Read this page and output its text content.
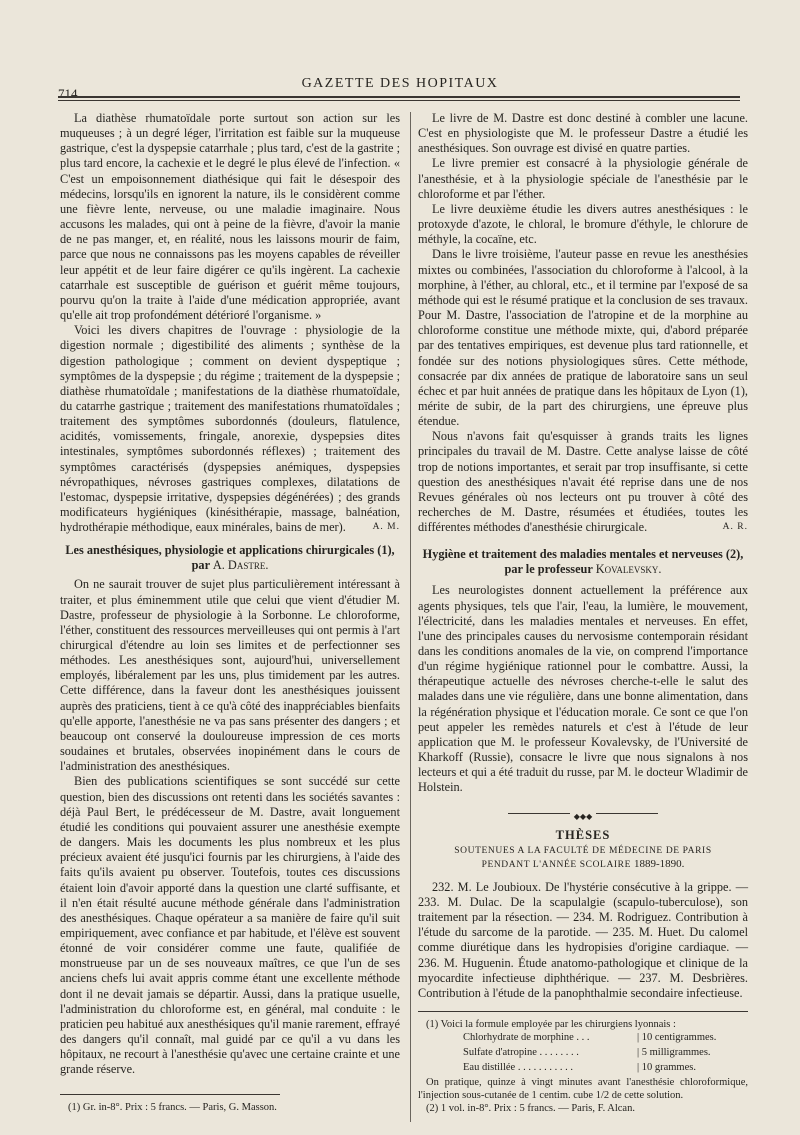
714
GAZETTE DES HOPITAUX

La diathèse rhumatoïdale porte surtout son action sur les muqueuses ; à un degré léger, l'irritation est faible sur la muqueuse gastrique, c'est la dyspepsie catarrhale ; plus tard, c'est de la gastrite ; plus tard encore, la cachexie et le degré le plus élevé de l'infection. « C'est un empoisonnement diathésique qui fait le désespoir des médecins, lorsqu'ils en ignorent la nature, ils le considèrent comme une fièvre lente, nerveuse, ou une maladie imaginaire. Nous accusons les malades, qui ont à peine de la fièvre, d'avoir la manie de ne pas manger, et, en réalité, nous les laissons mourir de faim, parce que nous ne connaissons pas les moyens capables de réveiller leur appétit et de leur faire digérer ce qu'ils ingèrent. La cachexie catarrhale est susceptible de guérison et guérit même toujours, pourvu qu'on la traite à l'aide d'une médication appropriée, avant qu'elle ait trop profondément détérioré l'organisme. »

Voici les divers chapitres de l'ouvrage : physiologie de la digestion normale ; digestibilité des aliments ; synthèse de la digestion pathologique ; comment on devient dyspeptique ; symptômes de la dyspepsie ; du régime ; traitement de la dyspepsie ; diathèse rhumatoïdale ; manifestations de la diathèse rhumatoïdale, du catarrhe gastrique ; traitement des manifestations rhumatoïdales ; traitement des symptômes subordonnés (douleurs, flatulence, acidités, vomissements, fringale, anorexie, dyspepsies dites intestinales, symptômes subordonnés réflexes) ; traitement des symptômes caractérisés (dyspepsies anémiques, dyspepsies névropathiques, névroses gastriques complexes, dilatations de l'estomac, dyspepsie irritative, dyspepsies dégénérées) ; des grands modificateurs hygiéniques (kinésithérapie, massage, balnéation, hydrothérapie méthodique, eaux minérales, bains de mer).	A. M.

Les anesthésiques, physiologie et applications chirurgicales (1), par A. Dastre.

On ne saurait trouver de sujet plus particulièrement intéressant à traiter, et plus éminemment utile que celui que vient d'étudier M. Dastre, professeur de physiologie à la Sorbonne. Le chloroforme, l'éther, constituent des ressources merveilleuses qui ont permis à l'art chirurgical d'étendre au loin ses limites et de perfectionner ses méthodes. Les anesthésiques sont, aujourd'hui, universellement employés, libéralement par les uns, plus timidement par les autres. Cette différence, dans la faveur dont les anesthésiques jouissent auprès des praticiens, tient à ce qu'à côté des inappréciables bienfaits qu'elle apporte, l'anesthésie ne va pas sans présenter des dangers ; et beaucoup ont conservé la douloureuse impression de ces morts soudaines et brutales, observées inopinément dans le cours de l'administration des anesthésiques.

Bien des publications scientifiques se sont succédé sur cette question, bien des discussions ont retenti dans les sociétés savantes : déjà Paul Bert, le prédécesseur de M. Dastre, avait longuement étudié les conditions qui pouvaient assurer une anesthésie exempte de dangers. Mais les documents les plus nombreux et les plus précieux avaient été jusqu'ici fournis par les chirurgiens, à l'aide des faits qu'ils avaient pu observer. Toutefois, toutes ces discussions étaient loin d'avoir apporté dans la question une clarté suffisante, et il n'en était résulté aucune méthode générale dans l'administration des anesthésiques. Chaque opérateur a sa manière de faire qu'il suit empiriquement, avec confiance et par habitude, et l'élève est souvent étonné de voir considérer comme une faute, qualifiée de monstrueuse par un de ses nouveaux maîtres, ce que l'un de ses anciens chefs lui avait appris comme étant une excellente méthode dont il ne devait jamais se départir. Aussi, dans la pratique usuelle, l'administration du chloroforme est, en général, mal conduite : le praticien peu habitué aux anesthésiques qu'il manie rarement, effrayé des dangers qu'il connaît, mal guidé par ce qu'il a vu dans les hôpitaux, ne recourt à l'anesthésie qu'avec une certaine crainte et une grande réserve.

(1) Gr. in-8°. Prix : 5 francs. — Paris, G. Masson.

Le livre de M. Dastre est donc destiné à combler une lacune. C'est en physiologiste que M. le professeur Dastre a étudié les anesthésiques. Son ouvrage est divisé en quatre parties.

Le livre premier est consacré à la physiologie générale de l'anesthésie, et à la physiologie spéciale de l'anesthésie par le chloroforme et par l'éther.

Le livre deuxième étudie les divers autres anesthésiques : le protoxyde d'azote, le chloral, le bromure d'éthyle, le chlorure de méthyle, la cocaïne, etc.

Dans le livre troisième, l'auteur passe en revue les anesthésies mixtes ou combinées, l'association du chloroforme à l'alcool, à la morphine, à l'éther, au chloral, etc., et il termine par l'exposé de sa méthode qui est le résumé pratique et la conclusion de ses travaux. Pour M. Dastre, l'association de l'atropine et de la morphine au chloroforme constitue une méthode mixte, qui, d'abord préparée par des tentatives empiriques, est devenue plus tard rationnelle, et fondée sur des notions physiologiques sûres. Cette méthode, consacrée par dix années de pratique de laboratoire sans un seul échec et par huit années de pratique dans les hôpitaux de Lyon (1), mérite de subir, de la part des chirurgiens, une épreuve plus étendue.

Nous n'avons fait qu'esquisser à grands traits les lignes principales du travail de M. Dastre. Cette analyse laisse de côté trop de notions importantes, et serait par trop insuffisante, si cette question des anesthésiques n'avait été reprise dans une de nos Revues générales où nos lecteurs ont pu trouver à côté des recherches de M. Dastre, résumées et étudiées, toutes les différentes méthodes d'anesthésie chirurgicale.	A. R.

Hygiène et traitement des maladies mentales et nerveuses (2), par le professeur Kovalevsky.

Les neurologistes donnent actuellement la préférence aux agents physiques, tels que l'air, l'eau, la lumière, le mouvement, l'électricité, dans les maladies mentales et nerveuses. En effet, l'une des principales causes du nervosisme contemporain résidant dans les conditions anomales de la vie, on comprend l'importance d'un régime hygiénique rationnel pour le combattre. Aussi, la thérapeutique actuelle des névroses cherche-t-elle le salut des malades dans une vie régulière, dans une bonne alimentation, dans la régénération physique et l'éducation morale. Ce sont ce que l'on peut appeler les remèdes naturels et c'est à l'étude de leur application que M. le professeur Kovalevsky, de l'Université de Kharkoff (Russie), consacre le livre que nous signalons à nos lecteurs et qui a été traduit du russe, par M. le docteur Wladimir de Holstein.

◆◆◆
THÈSES
SOUTENUES A LA FACULTÉ DE MÉDECINE DE PARIS
PENDANT L'ANNÉE SCOLAIRE 1889-1890.

232. M. Le Joubioux. De l'hystérie consécutive à la grippe. — 233. M. Dulac. De la scapulalgie (scapulo-tuberculose), son traitement par la résection. — 234. M. Rodriguez. Contribution à l'étude du sarcome de la parotide. — 235. M. Huet. Du calomel comme diurétique dans les hydropisies d'origine cardiaque. — 236. M. Huguenin. Étude anatomo-pathologique et clinique de la myocardite infectieuse diphthérique. — 237. M. Desbrières. Contribution à l'étude de la panophthalmie secondaire infectieuse.

(1) Voici la formule employée par les chirurgiens lyonnais :

Chlorhydrate de morphine . . .	| 10 centigrammes.
Sulfate d'atropine . . . . . . . .	| 5 milligrammes.
Eau distillée . . . . . . . . . . .	| 10 grammes.

On pratique, quinze à vingt minutes avant l'anesthésie chloroformique, l'injection sous-cutanée de 1 centim. cube 1/2 de cette solution.

(2) 1 vol. in-8°. Prix : 5 francs. — Paris, F. Alcan.
